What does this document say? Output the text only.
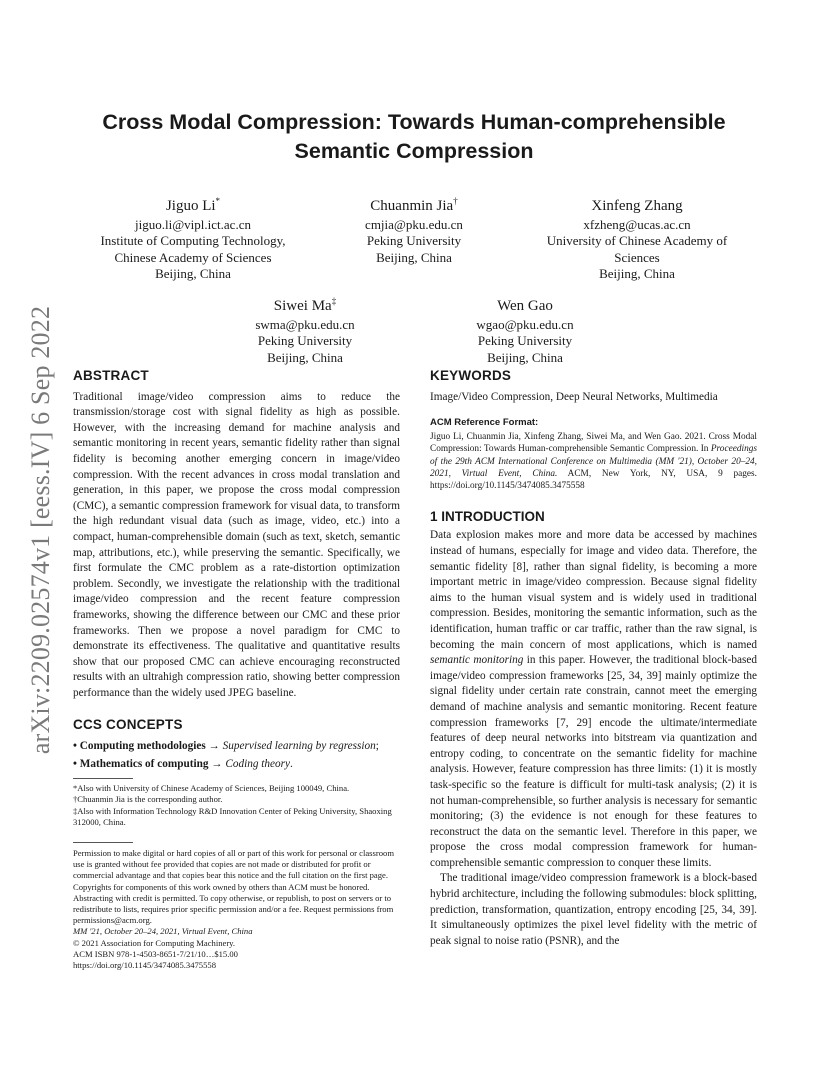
arXiv:2209.02574v1 [eess.IV] 6 Sep 2022
Cross Modal Compression: Towards Human-comprehensible
Semantic Compression
Jiguo Li*
jiguo.li@vipl.ict.ac.cn
Institute of Computing Technology,
Chinese Academy of Sciences
Beijing, China
Chuanmin Jia†
cmjia@pku.edu.cn
Peking University
Beijing, China
Xinfeng Zhang
xfzheng@ucas.ac.cn
University of Chinese Academy of
Sciences
Beijing, China
Siwei Ma‡
swma@pku.edu.cn
Peking University
Beijing, China
Wen Gao
wgao@pku.edu.cn
Peking University
Beijing, China
ABSTRACT

Traditional image/video compression aims to reduce the transmission/storage cost with signal fidelity as high as possible. However, with the increasing demand for machine analysis and semantic monitoring in recent years, semantic fidelity rather than signal fidelity is becoming another emerging concern in image/video compression. With the recent advances in cross modal translation and generation, in this paper, we propose the cross modal compression (CMC), a semantic compression framework for visual data, to transform the high redundant visual data (such as image, video, etc.) into a compact, human-comprehensible domain (such as text, sketch, semantic map, attributions, etc.), while preserving the semantic. Specifically, we first formulate the CMC problem as a rate-distortion optimization problem. Secondly, we investigate the relationship with the traditional image/video compression and the recent feature compression frameworks, showing the difference between our CMC and these prior frameworks. Then we propose a novel paradigm for CMC to demonstrate its effectiveness. The qualitative and quantitative results show that our proposed CMC can achieve encouraging reconstructed results with an ultrahigh compression ratio, showing better compression performance than the widely used JPEG baseline.

CCS CONCEPTS
• Computing methodologies → Supervised learning by regression;
• Mathematics of computing → Coding theory.
*Also with University of Chinese Academy of Sciences, Beijing 100049, China.
†Chuanmin Jia is the corresponding author.
‡Also with Information Technology R&D Innovation Center of Peking University, Shaoxing 312000, China.
Permission to make digital or hard copies of all or part of this work for personal or classroom use is granted without fee provided that copies are not made or distributed for profit or commercial advantage and that copies bear this notice and the full citation on the first page. Copyrights for components of this work owned by others than ACM must be honored. Abstracting with credit is permitted. To copy otherwise, or republish, to post on servers or to redistribute to lists, requires prior specific permission and/or a fee. Request permissions from permissions@acm.org.
MM '21, October 20–24, 2021, Virtual Event, China
© 2021 Association for Computing Machinery.
ACM ISBN 978-1-4503-8651-7/21/10…$15.00
https://doi.org/10.1145/3474085.3475558
KEYWORDS

Image/Video Compression, Deep Neural Networks, Multimedia

ACM Reference Format:
Jiguo Li, Chuanmin Jia, Xinfeng Zhang, Siwei Ma, and Wen Gao. 2021. Cross Modal Compression: Towards Human-comprehensible Semantic Compression. In Proceedings of the 29th ACM International Conference on Multimedia (MM '21), October 20–24, 2021, Virtual Event, China. ACM, New York, NY, USA, 9 pages. https://doi.org/10.1145/3474085.3475558
1 INTRODUCTION

Data explosion makes more and more data be accessed by machines instead of humans, especially for image and video data. Therefore, the semantic fidelity [8], rather than signal fidelity, is becoming a more important metric in image/video compression. Because signal fidelity aims to the human visual system and is widely used in traditional compression. Besides, monitoring the semantic information, such as the identification, human traffic or car traffic, rather than the raw signal, is becoming the main concern of most applications, which is named semantic monitoring in this paper. However, the traditional block-based image/video compression frameworks [25, 34, 39] mainly optimize the signal fidelity under certain rate constrain, cannot meet the emerging demand of machine analysis and semantic monitoring. Recent feature compression frameworks [7, 29] encode the ultimate/intermediate features of deep neural networks into bitstream via quantization and entropy coding, to concentrate on the semantic fidelity for machine analysis. However, feature compression has three limits: (1) it is mostly task-specific so the feature is difficult for multi-task analysis; (2) it is not human-comprehensible, so further analysis is necessary for semantic monitoring; (3) the evidence is not enough for these features to reconstruct the data on the semantic level. Therefore in this paper, we propose the cross modal compression framework for human-comprehensible semantic compression to conquer these limits.

The traditional image/video compression framework is a block-based hybrid architecture, including the following submodules: block splitting, prediction, transformation, quantization, entropy encoding [25, 34, 39]. It simultaneously optimizes the pixel level fidelity with the metric of peak signal to noise ratio (PSNR), and the
